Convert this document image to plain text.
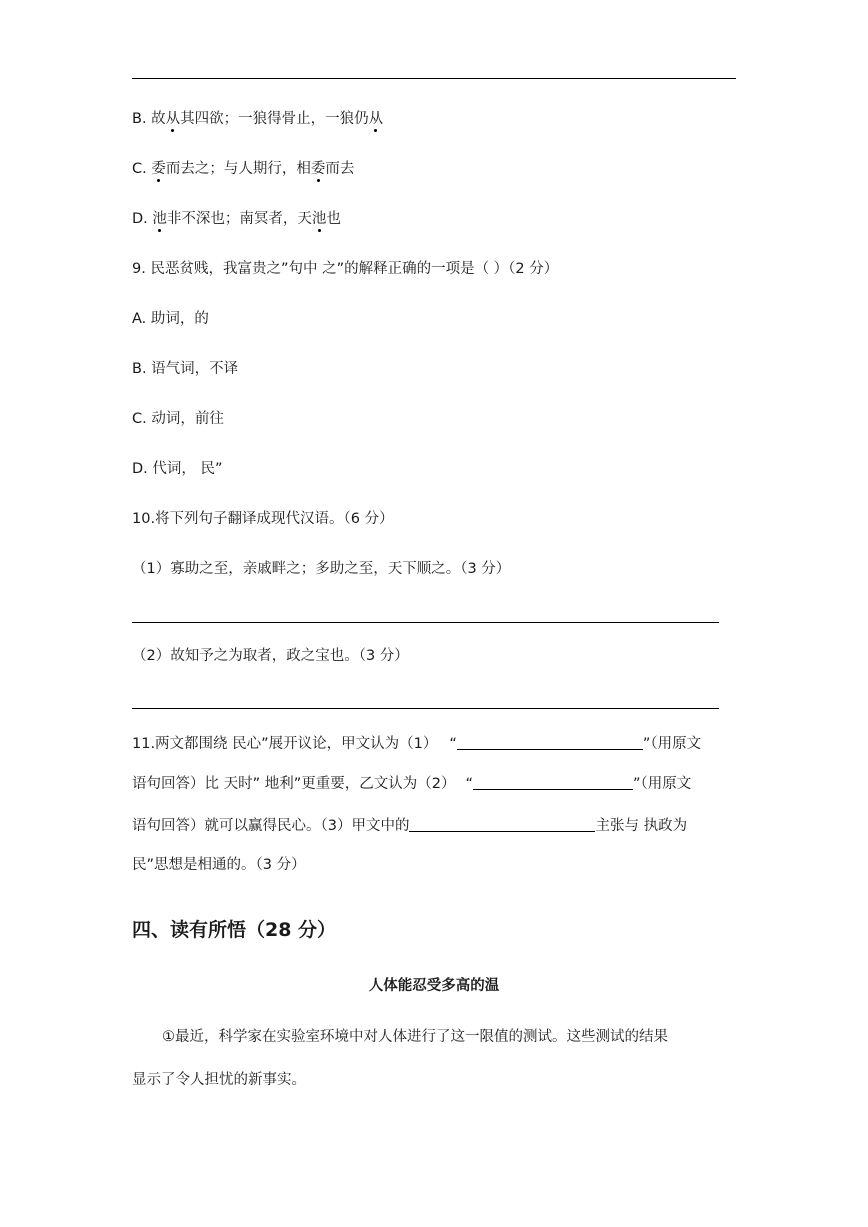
B. 故从其四欲；一狼得骨止，一狼仍从
C. 委而去之；与人期行，相委而去
D. 池非不深也；南冥者，天池也
9. 民恶贫贱，我富贵之”句中 之”的解释正确的一项是（ ）（2 分）
A. 助词，的
B. 语气词，不译
C. 动词，前往
D. 代词， 民”
10.将下列句子翻译成现代汉语。（6 分）
（1）寡助之至，亲戚畔之；多助之至，天下顺之。（3 分）
（2）故知予之为取者，政之宝也。（3 分）
11.两文都围绕 民心”展开议论，甲文认为（1） “	”（用原文
语句回答）比 天时” 地利”更重要，乙文认为（2） “	”（用原文
语句回答）就可以赢得民心。（3）甲文中的	主张与 执政为
民”思想是相通的。（3 分）
四、读有所悟（28 分）
人体能忍受多高的温
①最近，科学家在实验室环境中对人体进行了这一限值的测试。这些测试的结果
显示了令人担忧的新事实。
